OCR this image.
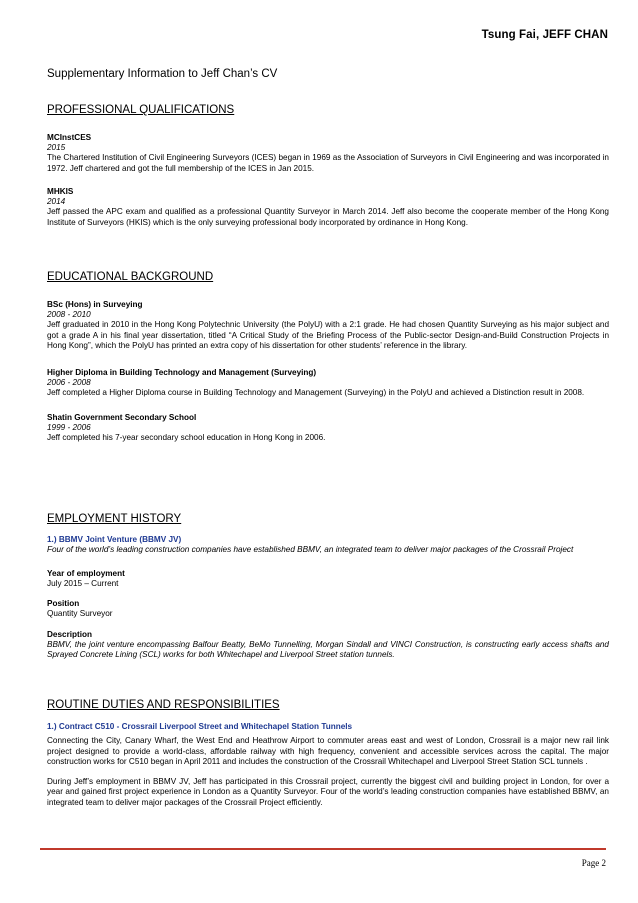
Tsung Fai, JEFF CHAN
Supplementary Information to Jeff Chan’s CV

PROFESSIONAL QUALIFICATIONS

MCInstCES

2015

The Chartered Institution of Civil Engineering Surveyors (ICES) began in 1969 as the Association of Surveyors in Civil Engineering and was incorporated in 1972. Jeff chartered and got the full membership of the ICES in Jan 2015.

MHKIS

2014

Jeff passed the APC exam and qualified as a professional Quantity Surveyor in March 2014. Jeff also become the cooperate member of the Hong Kong Institute of Surveyors (HKIS) which is the only surveying professional body incorporated by ordinance in Hong Kong.

EDUCATIONAL BACKGROUND

BSc (Hons) in Surveying

2008 - 2010

Jeff graduated in 2010 in the Hong Kong Polytechnic University (the PolyU) with a 2:1 grade. He had chosen Quantity Surveying as his major subject and got a grade A in his final year dissertation, titled “A Critical Study of the Briefing Process of the Public-sector Design-and-Build Construction Projects in Hong Kong”, which the PolyU has printed an extra copy of his dissertation for other students’ reference in the library.

Higher Diploma in Building Technology and Management (Surveying)

2006 - 2008

Jeff completed a Higher Diploma course in Building Technology and Management (Surveying) in the PolyU and achieved a Distinction result in 2008.

Shatin Government Secondary School

1999 - 2006

Jeff completed his 7-year secondary school education in Hong Kong in 2006.

EMPLOYMENT HISTORY

1.) BBMV Joint Venture (BBMV JV)

Four of the world’s leading construction companies have established BBMV, an integrated team to deliver major packages of the Crossrail Project

Year of employment

July 2015 – Current

Position

Quantity Surveyor

Description

BBMV, the joint venture encompassing Balfour Beatty, BeMo Tunnelling, Morgan Sindall and VINCI Construction, is constructing early access shafts and Sprayed Concrete Lining (SCL) works for both Whitechapel and Liverpool Street station tunnels.

ROUTINE DUTIES AND RESPONSIBILITIES

1.) Contract C510 - Crossrail Liverpool Street and Whitechapel Station Tunnels

Connecting the City, Canary Wharf, the West End and Heathrow Airport to commuter areas east and west of London, Crossrail is a major new rail link project designed to provide a world-class, affordable railway with high frequency, convenient and accessible services across the capital. The major construction works for C510 began in April 2011 and includes the construction of the Crossrail Whitechapel and Liverpool Street Station SCL tunnels .

During Jeff’s employment in BBMV JV, Jeff has participated in this Crossrail project, currently the biggest civil and building project in London, for over a year and gained first project experience in London as a Quantity Surveyor. Four of the world’s leading construction companies have established BBMV, an integrated team to deliver major packages of the Crossrail Project efficiently.

Page 2
